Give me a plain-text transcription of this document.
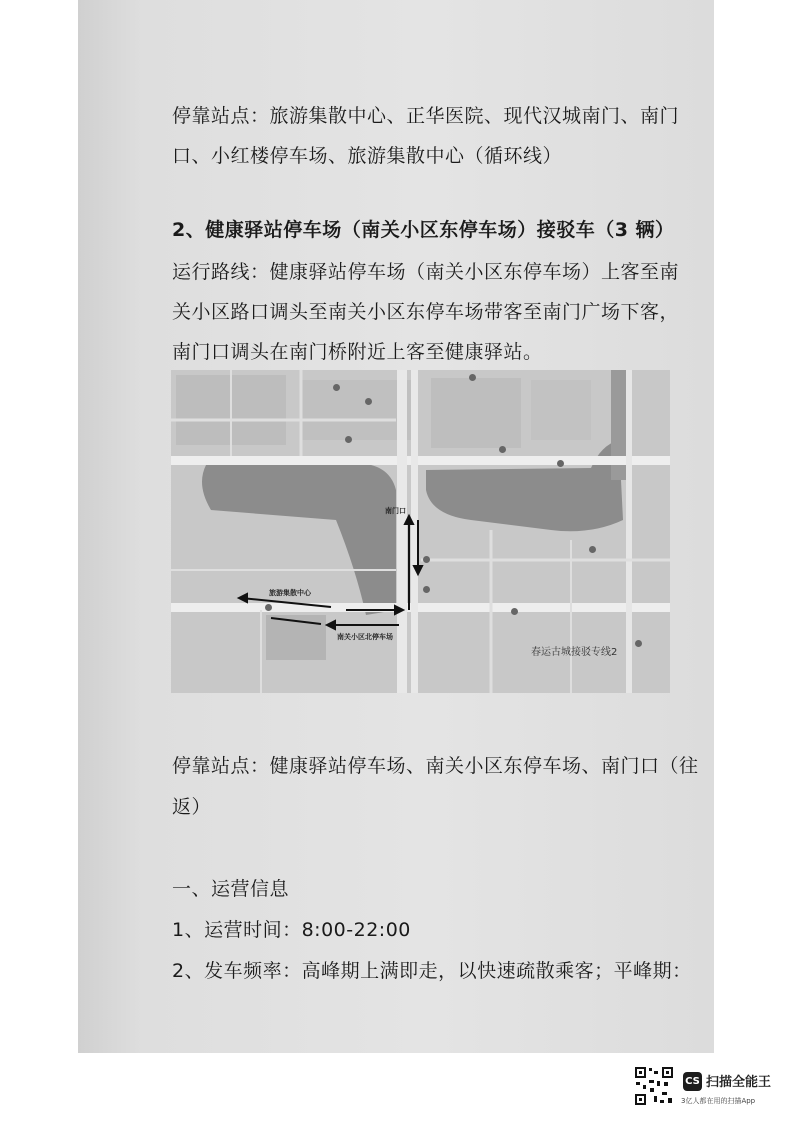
停靠站点：旅游集散中心、正华医院、现代汉城南门、南门
口、小红楼停车场、旅游集散中心（循环线）
2、健康驿站停车场（南关小区东停车场）接驳车（3 辆）
运行路线：健康驿站停车场（南关小区东停车场）上客至南
关小区路口调头至南关小区东停车场带客至南门广场下客，
南门口调头在南门桥附近上客至健康驿站。
南门口
旅游集散中心
南关小区北停车场
春运古城接驳专线2
停靠站点：健康驿站停车场、南关小区东停车场、南门口（往
返）
一、运营信息
1、运营时间：8:00-22:00
2、发车频率：高峰期上满即走，以快速疏散乘客；平峰期：
CS 扫描全能王
3亿人都在用的扫描App
